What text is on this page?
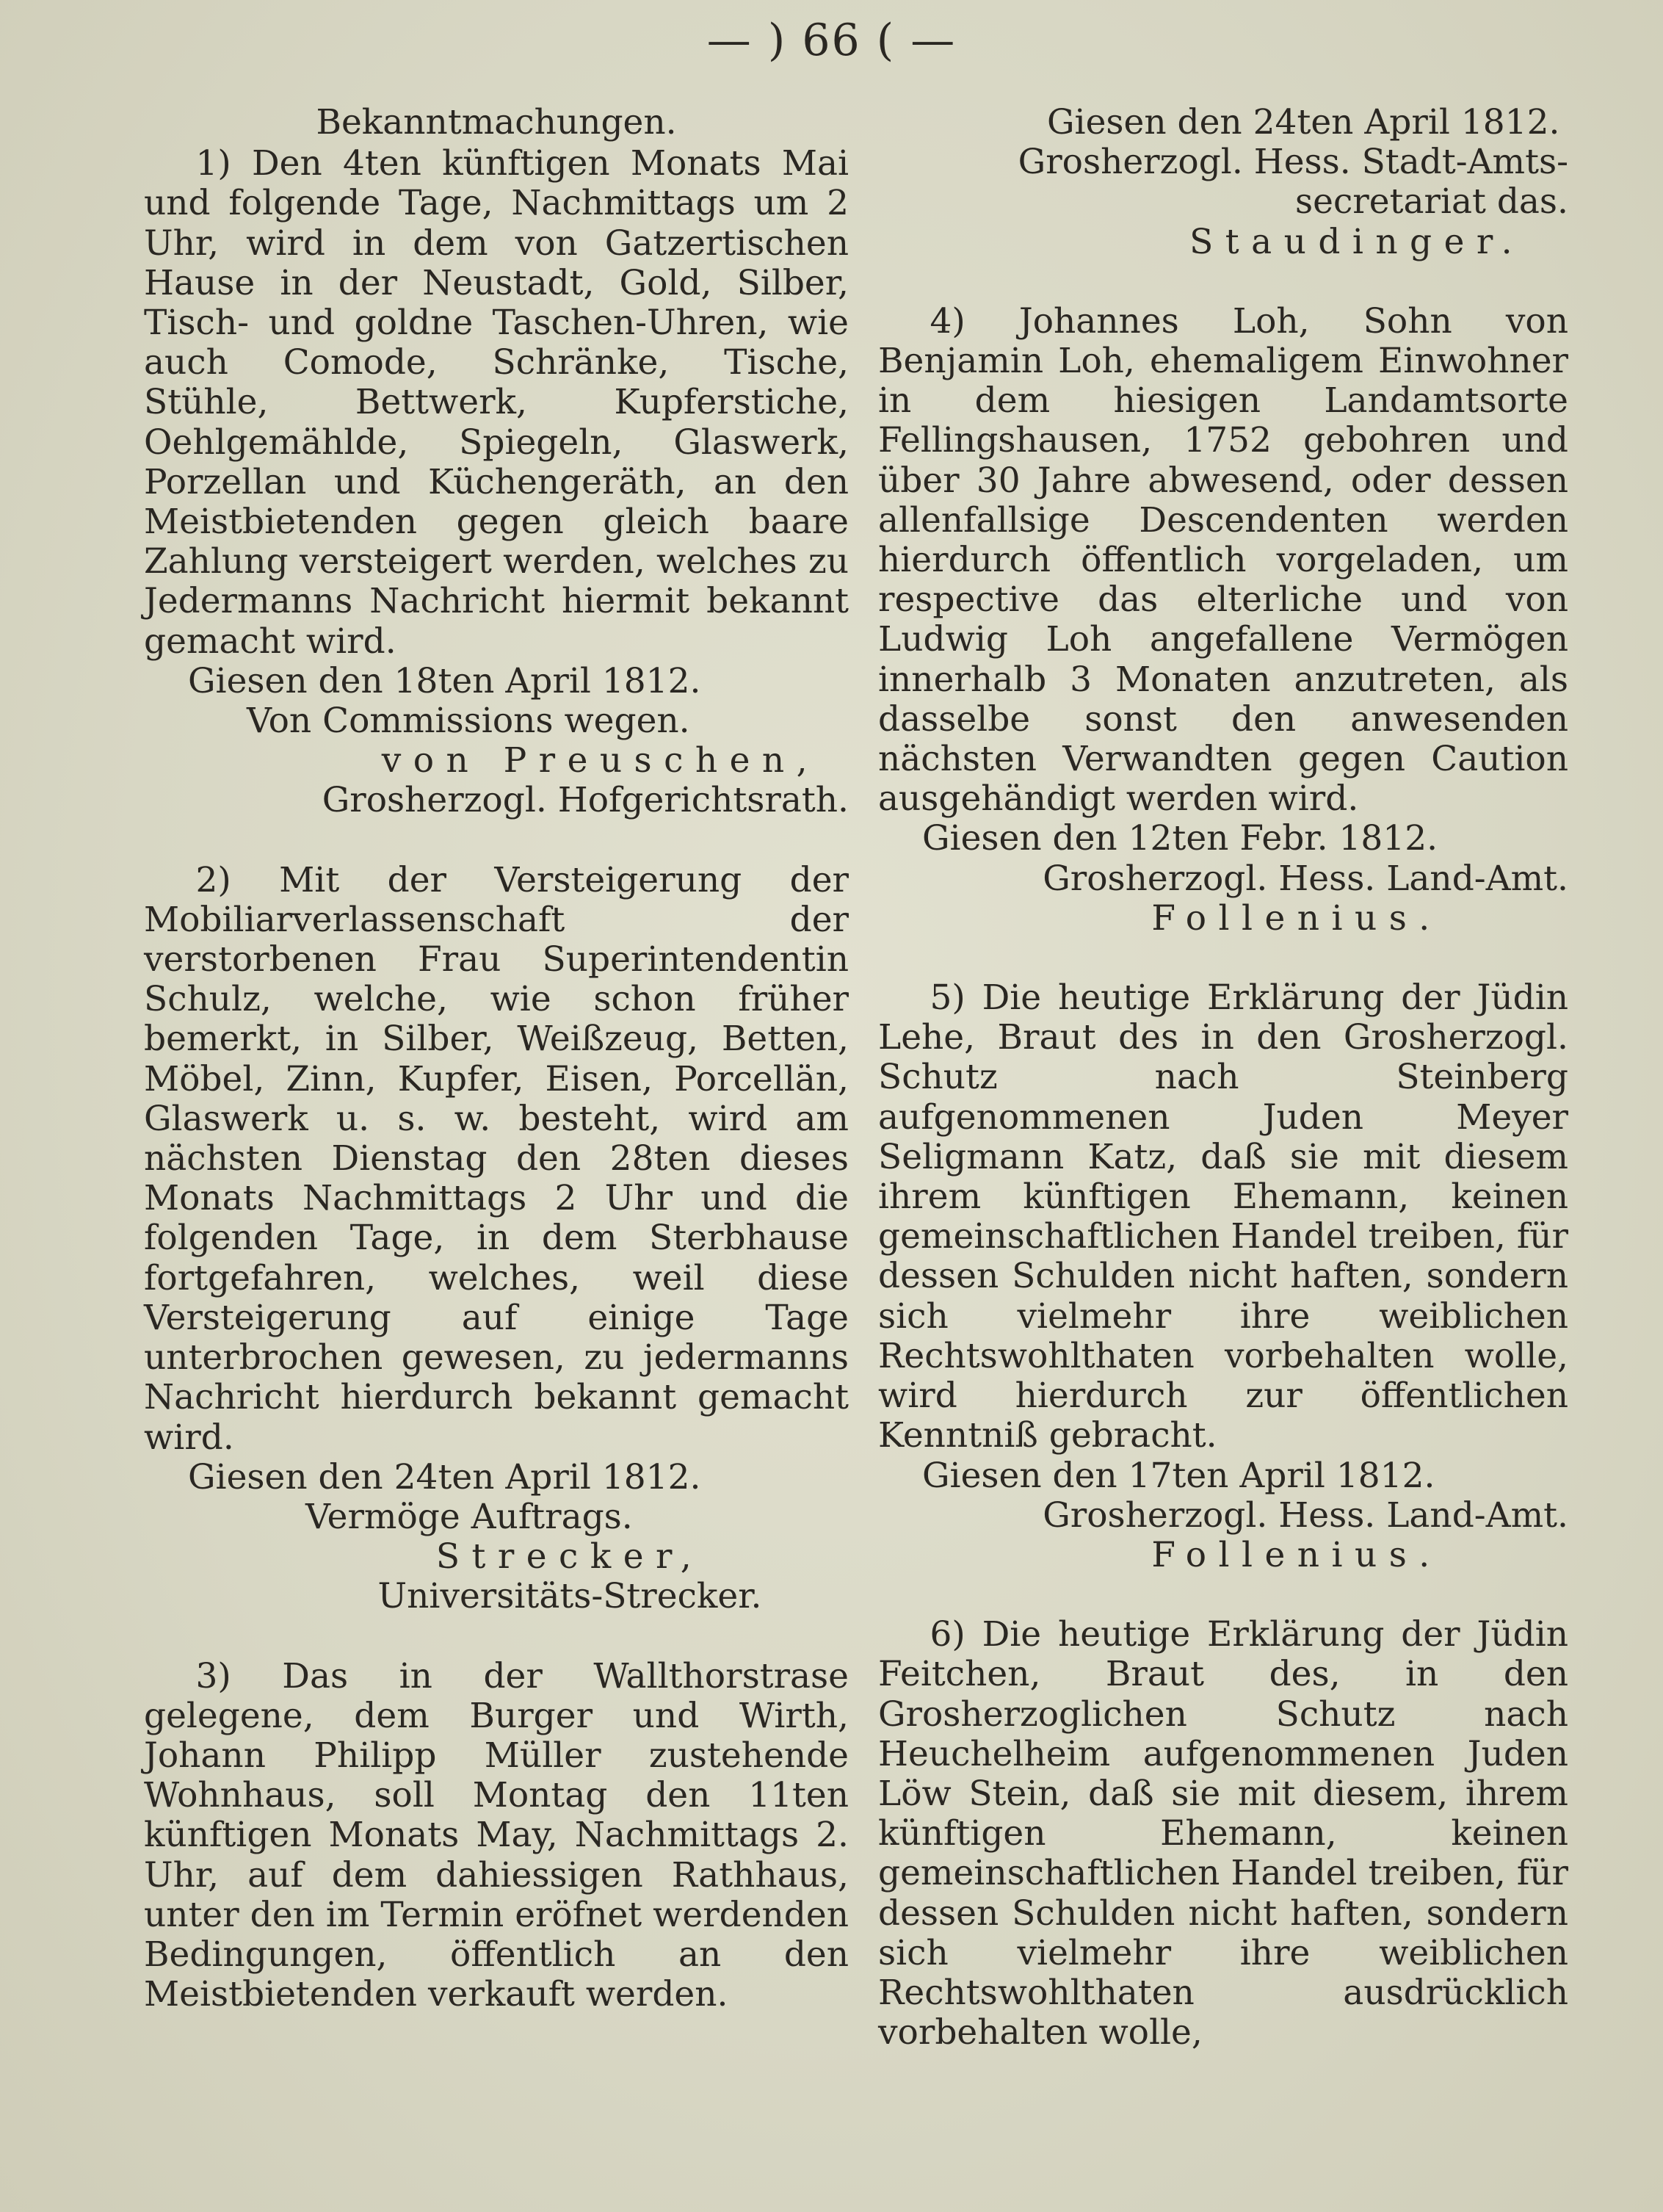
— ) 66 ( —

Bekanntmachungen.

1) Den 4ten künftigen Monats Mai und folgende Tage, Nachmittags um 2 Uhr, wird in dem von Gatzertischen Hause in der Neustadt, Gold, Silber, Tisch- und goldne Taschen-Uhren, wie auch Comode, Schränke, Tische, Stühle, Bettwerk, Kupferstiche, Oehlgemählde, Spiegeln, Glaswerk, Porzellan und Küchengeräth, an den Meistbietenden gegen gleich baare Zahlung versteigert werden, welches zu Jedermanns Nachricht hiermit bekannt gemacht wird.

Giesen den 18ten April 1812.

Von Commissions wegen.

von Preuschen,

Grosherzogl. Hofgerichtsrath.

2) Mit der Versteigerung der Mobiliarverlassenschaft der verstorbenen Frau Superintendentin Schulz, welche, wie schon früher bemerkt, in Silber, Weißzeug, Betten, Möbel, Zinn, Kupfer, Eisen, Porcellän, Glaswerk u. s. w. besteht, wird am nächsten Dienstag den 28ten dieses Monats Nachmittags 2 Uhr und die folgenden Tage, in dem Sterbhause fortgefahren, welches, weil diese Versteigerung auf einige Tage unterbrochen gewesen, zu jedermanns Nachricht hierdurch bekannt gemacht wird.

Giesen den 24ten April 1812.

Vermöge Auftrags.

Strecker,

Universitäts-Strecker.

3) Das in der Wallthorstrase gelegene, dem Burger und Wirth, Johann Philipp Müller zustehende Wohnhaus, soll Montag den 11ten künftigen Monats May, Nachmittags 2. Uhr, auf dem dahiessigen Rathhaus, unter den im Termin eröfnet werdenden Bedingungen, öffentlich an den Meistbietenden verkauft werden.

Giesen den 24ten April 1812.

Grosherzogl. Hess. Stadt-Amts-secretariat das.

Staudinger.

4) Johannes Loh, Sohn von Benjamin Loh, ehemaligem Einwohner in dem hiesigen Landamtsorte Fellingshausen, 1752 gebohren und über 30 Jahre abwesend, oder dessen allenfallsige Descendenten werden hierdurch öffentlich vorgeladen, um respective das elterliche und von Ludwig Loh angefallene Vermögen innerhalb 3 Monaten anzutreten, als dasselbe sonst den anwesenden nächsten Verwandten gegen Caution ausgehändigt werden wird.

Giesen den 12ten Febr. 1812.

Grosherzogl. Hess. Land-Amt.

Follenius.

5) Die heutige Erklärung der Jüdin Lehe, Braut des in den Grosherzogl. Schutz nach Steinberg aufgenommenen Juden Meyer Seligmann Katz, daß sie mit diesem ihrem künftigen Ehemann, keinen gemeinschaftlichen Handel treiben, für dessen Schulden nicht haften, sondern sich vielmehr ihre weiblichen Rechtswohlthaten vorbehalten wolle, wird hierdurch zur öffentlichen Kenntniß gebracht.

Giesen den 17ten April 1812.

Grosherzogl. Hess. Land-Amt.

Follenius.

6) Die heutige Erklärung der Jüdin Feitchen, Braut des, in den Grosherzoglichen Schutz nach Heuchelheim aufgenommenen Juden Löw Stein, daß sie mit diesem, ihrem künftigen Ehemann, keinen gemeinschaftlichen Handel treiben, für dessen Schulden nicht haften, sondern sich vielmehr ihre weiblichen Rechtswohlthaten ausdrücklich vorbehalten wolle,
